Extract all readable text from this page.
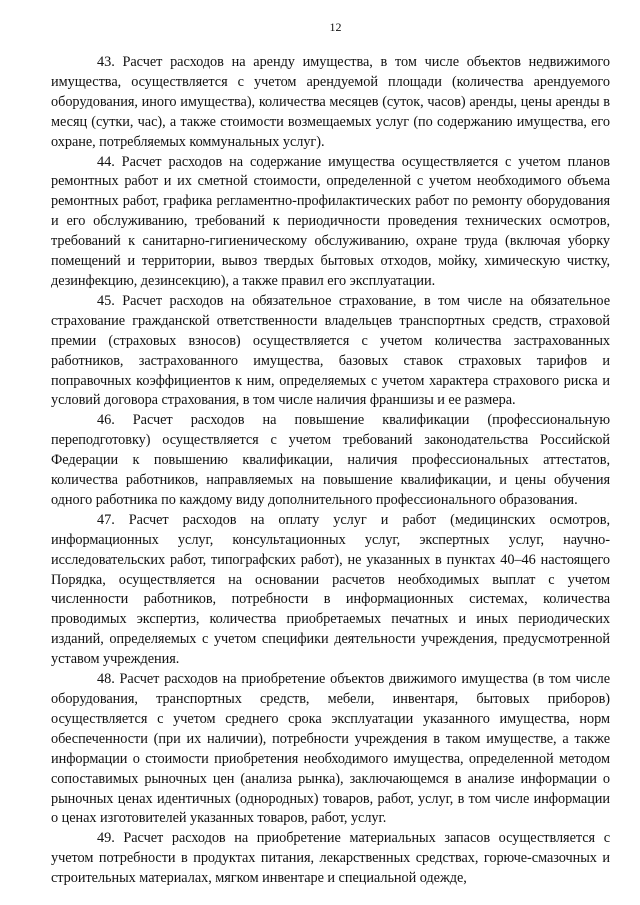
12

43. Расчет расходов на аренду имущества, в том числе объектов недвижимого имущества, осуществляется с учетом арендуемой площади (количества арендуемого оборудования, иного имущества), количества месяцев (суток, часов) аренды, цены аренды в месяц (сутки, час), а также стоимости возмещаемых услуг (по содержанию имущества, его охране, потребляемых коммунальных услуг).

44. Расчет расходов на содержание имущества осуществляется с учетом планов ремонтных работ и их сметной стоимости, определенной с учетом необходимого объема ремонтных работ, графика регламентно-профилактических работ по ремонту оборудования и его обслуживанию, требований к периодичности проведения технических осмотров, требований к санитарно-гигиеническому обслуживанию, охране труда (включая уборку помещений и территории, вывоз твердых бытовых отходов, мойку, химическую чистку, дезинфекцию, дезинсекцию), а также правил его эксплуатации.

45. Расчет расходов на обязательное страхование, в том числе на обязательное страхование гражданской ответственности владельцев транспортных средств, страховой премии (страховых взносов) осуществляется с учетом количества застрахованных работников, застрахованного имущества, базовых ставок страховых тарифов и поправочных коэффициентов к ним, определяемых с учетом характера страхового риска и условий договора страхования, в том числе наличия франшизы и ее размера.

46. Расчет расходов на повышение квалификации (профессиональную переподготовку) осуществляется с учетом требований законодательства Российской Федерации к повышению квалификации, наличия профессиональных аттестатов, количества работников, направляемых на повышение квалификации, и цены обучения одного работника по каждому виду дополнительного профессионального образования.

47. Расчет расходов на оплату услуг и работ (медицинских осмотров, информационных услуг, консультационных услуг, экспертных услуг, научно-исследовательских работ, типографских работ), не указанных в пунктах 40–46 настоящего Порядка, осуществляется на основании расчетов необходимых выплат с учетом численности работников, потребности в информационных системах, количества проводимых экспертиз, количества приобретаемых печатных и иных периодических изданий, определяемых с учетом специфики деятельности учреждения, предусмотренной уставом учреждения.

48. Расчет расходов на приобретение объектов движимого имущества (в том числе оборудования, транспортных средств, мебели, инвентаря, бытовых приборов) осуществляется с учетом среднего срока эксплуатации указанного имущества, норм обеспеченности (при их наличии), потребности учреждения в таком имуществе, а также информации о стоимости приобретения необходимого имущества, определенной методом сопоставимых рыночных цен (анализа рынка), заключающемся в анализе информации о рыночных ценах идентичных (однородных) товаров, работ, услуг, в том числе информации о ценах изготовителей указанных товаров, работ, услуг.

49. Расчет расходов на приобретение материальных запасов осуществляется с учетом потребности в продуктах питания, лекарственных средствах, горюче-смазочных и строительных материалах, мягком инвентаре и специальной одежде,
